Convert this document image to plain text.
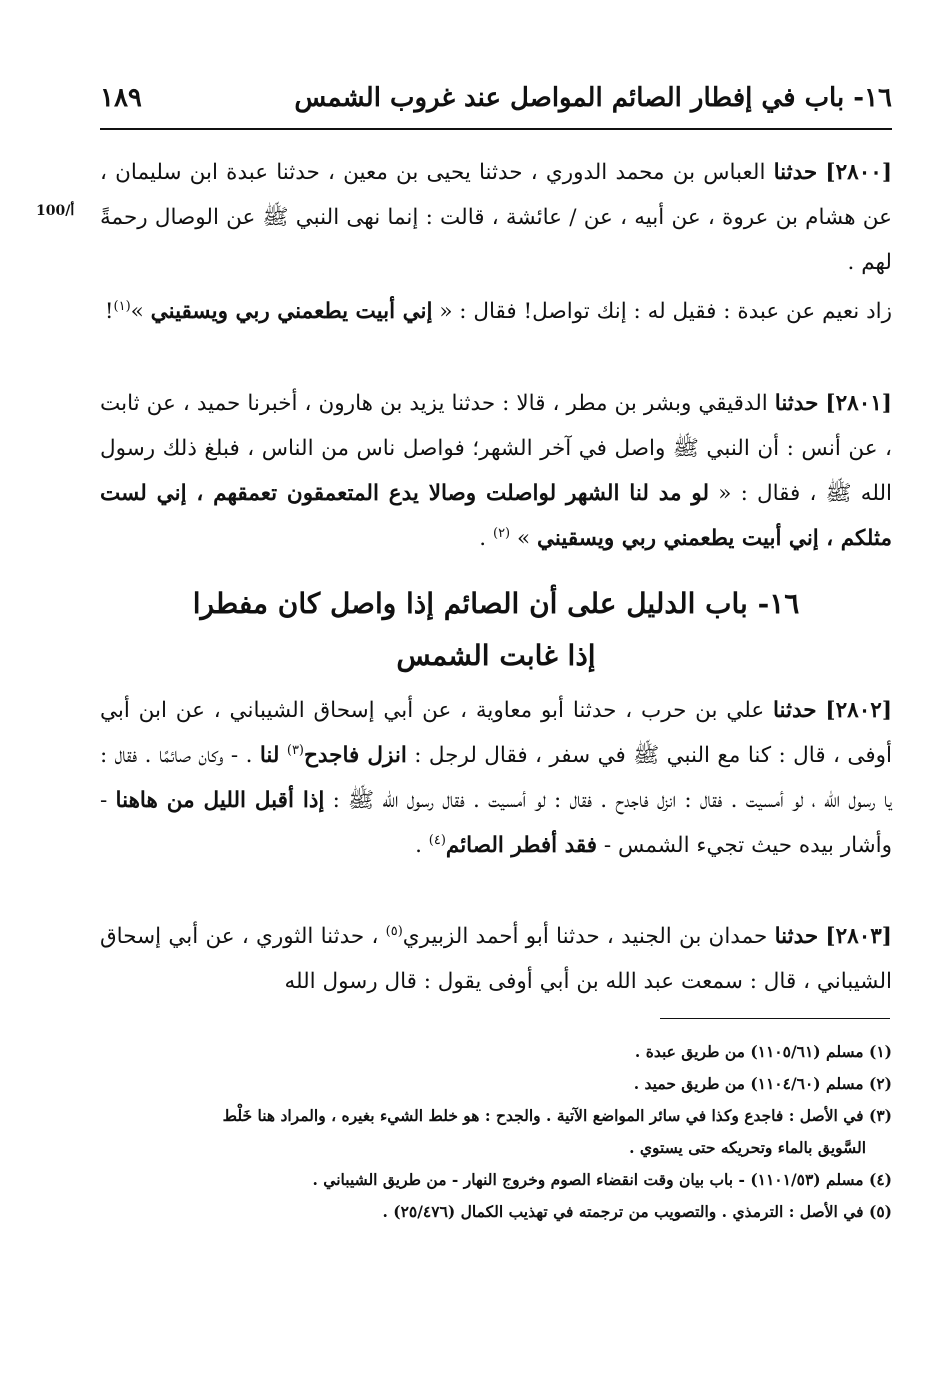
١٦- باب في إفطار الصائم المواصل عند غروب الشمس
١٨٩
100/أ

[٢٨٠٠] حدثنا العباس بن محمد الدوري ، حدثنا يحيى بن معين ، حدثنا عبدة ابن سليمان ، عن هشام بن عروة ، عن أبيه ، عن / عائشة ، قالت : إنما نهى النبي ﷺ عن الوصال رحمةً لهم .

زاد نعيم عن عبدة : فقيل له : إنك تواصل! فقال : « إني أبيت يطعمني ربي ويسقيني »$^{(١)}$!

[٢٨٠١] حدثنا الدقيقي وبشر بن مطر ، قالا : حدثنا يزيد بن هارون ، أخبرنا حميد ، عن ثابت ، عن أنس : أن النبي ﷺ واصل في آخر الشهر؛ فواصل ناس من الناس ، فبلغ ذلك رسول الله ﷺ ، فقال : « لو مد لنا الشهر لواصلت وصالا يدع المتعمقون تعمقهم ، إني لست مثلكم ، إني أبيت يطعمني ربي ويسقيني » $^{(٢)}$ .

١٦- باب الدليل على أن الصائم إذا واصل كان مفطرا
إذا غابت الشمس

[٢٨٠٢] حدثنا علي بن حرب ، حدثنا أبو معاوية ، عن أبي إسحاق الشيباني ، عن ابن أبي أوفى ، قال : كنا مع النبي ﷺ في سفر ، فقال لرجل : انزل فاجدح$^{(٣)}$ لنا . - وكان صائمًا . فقال : يا رسول الله ، لو أمسيت . فقال : انزل فاجدح . فقال : لو أمسيت . فقال رسول الله ﷺ : إذا أقبل الليل من هاهنا - وأشار بيده حيث تجيء الشمس - فقد أفطر الصائم$^{(٤)}$ .

[٢٨٠٣] حدثنا حمدان بن الجنيد ، حدثنا أبو أحمد الزبيري$^{(٥)}$ ، حدثنا الثوري ، عن أبي إسحاق الشيباني ، قال : سمعت عبد الله بن أبي أوفى يقول : قال رسول الله

(١) مسلم (١١٠٥/٦١) من طريق عبدة .

(٢) مسلم (١١٠٤/٦٠) من طريق حميد .

(٣) في الأصل : فاجدع وكذا في سائر المواضع الآتية . والجدح : هو خلط الشيء بغيره ، والمراد هنا خَلْط

السَّويق بالماء وتحريكه حتى يستوي .

(٤) مسلم (١١٠١/٥٣) - باب بيان وقت انقضاء الصوم وخروج النهار - من طريق الشيباني .

(٥) في الأصل : الترمذي . والتصويب من ترجمته في تهذيب الكمال (٢٥/٤٧٦) .
